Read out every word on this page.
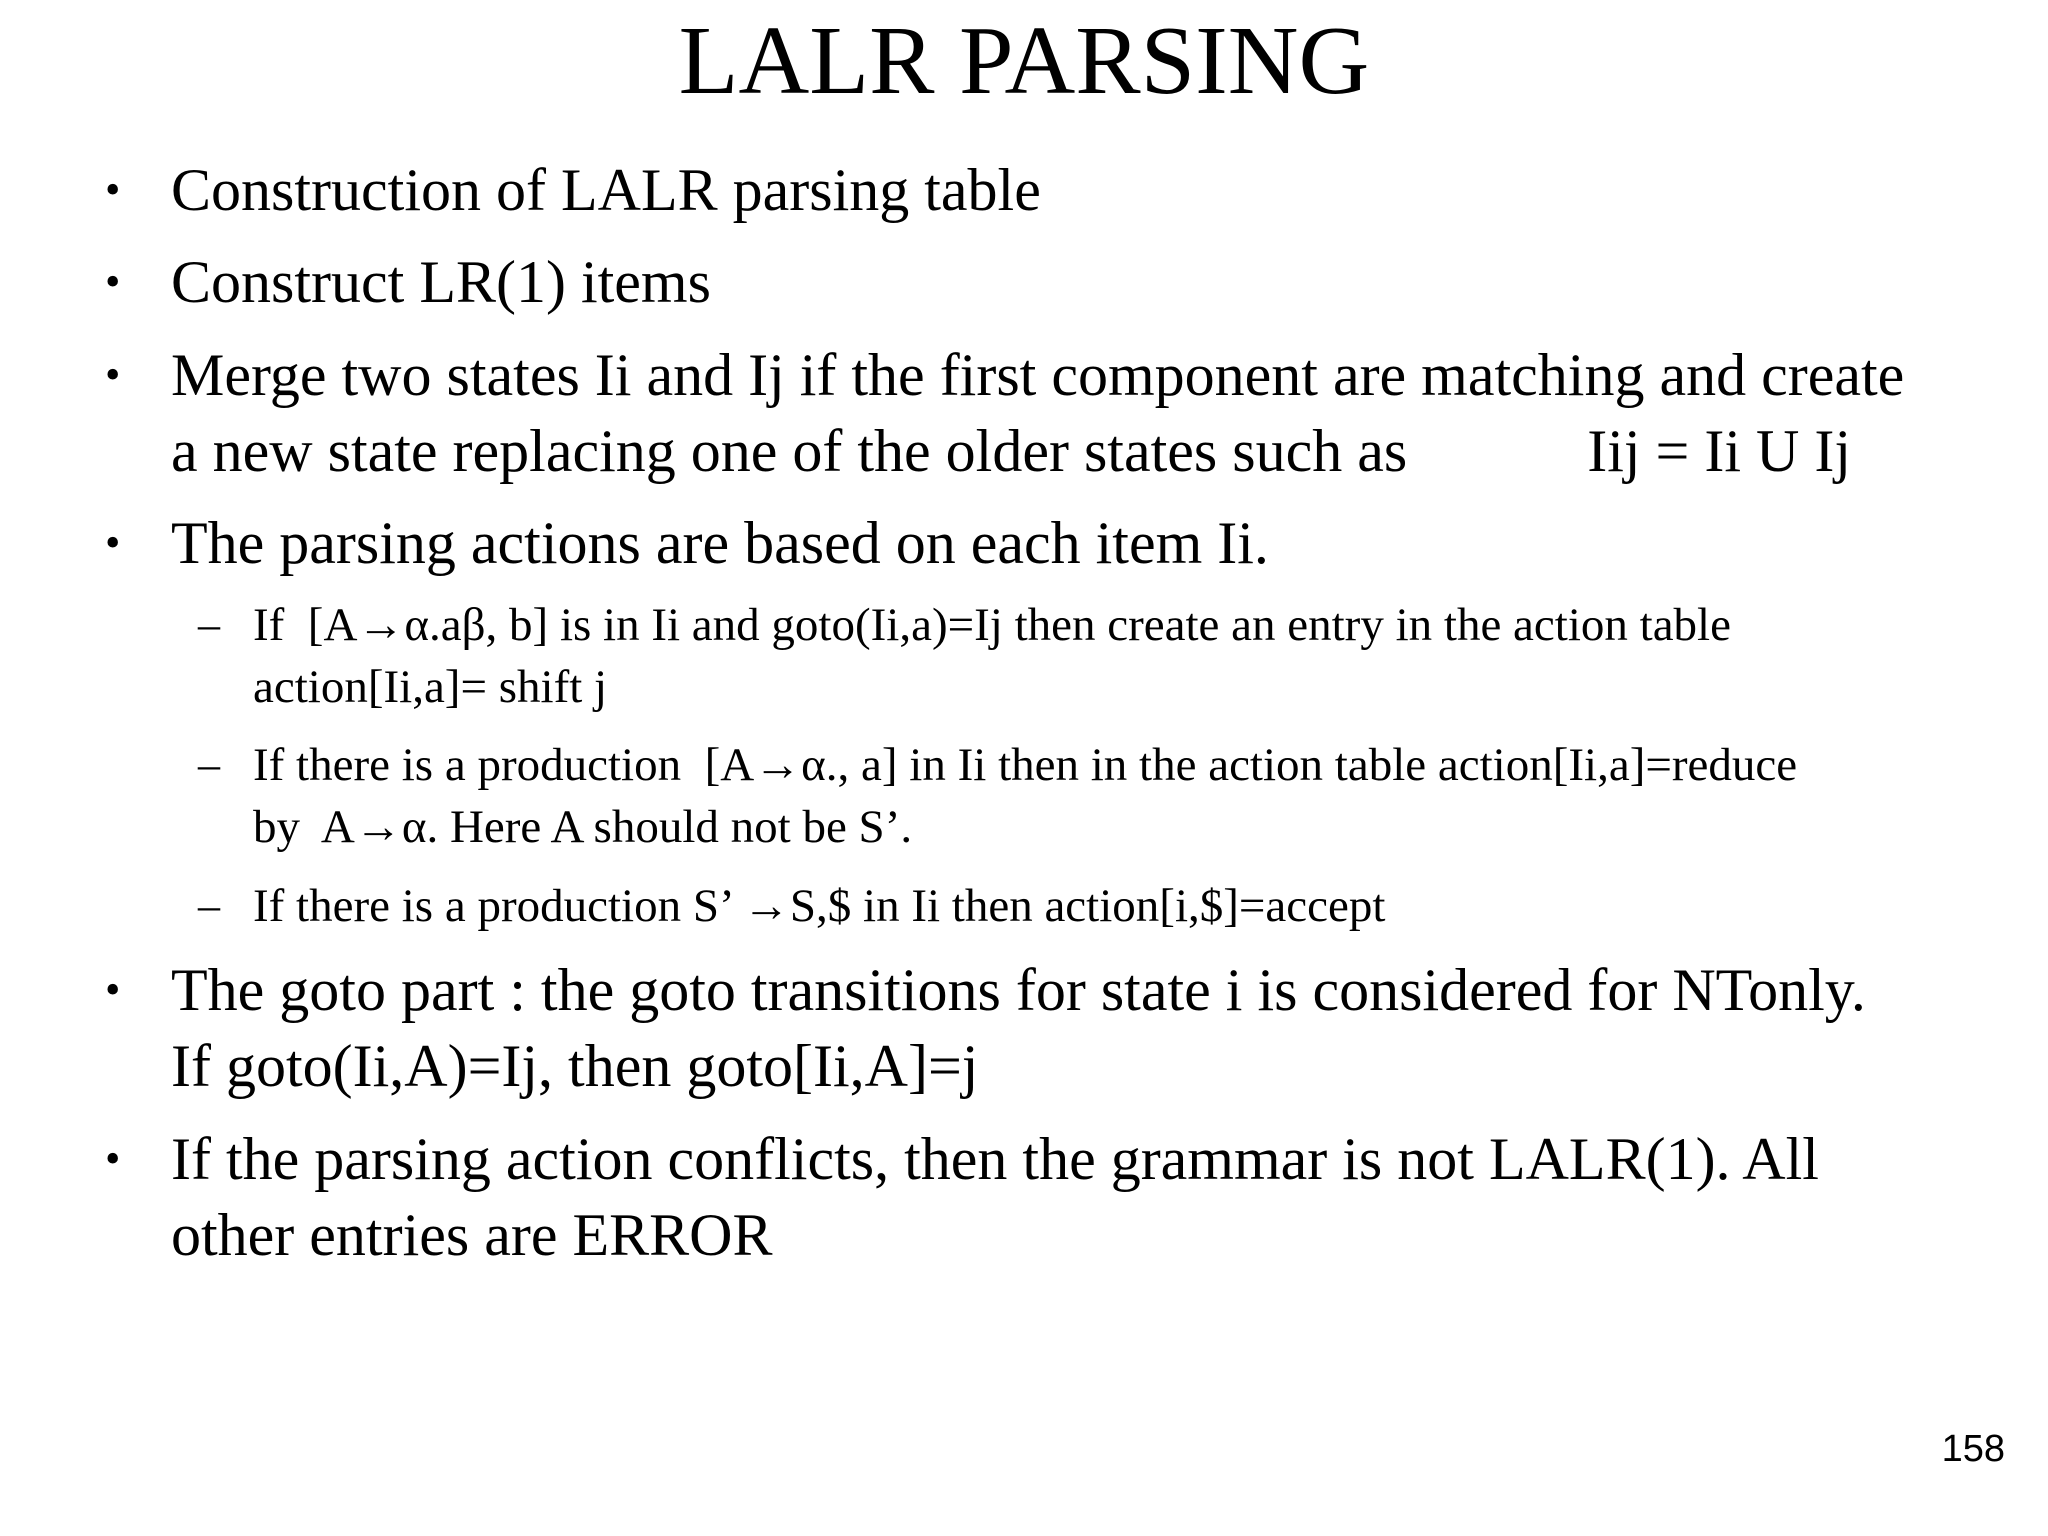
LALR PARSING
• Construction of LALR parsing table
• Construct LR(1) items
• Merge two states Ii and Ij if the first component are matching and create
a new state replacing one of the older states such as            Iij = Ii U Ij
• The parsing actions are based on each item Ii.
– If  [A→α.aβ, b] is in Ii and goto(Ii,a)=Ij then create an entry in the action table
action[Ii,a]= shift j
– If there is a production  [A→α., a] in Ii then in the action table action[Ii,a]=reduce
by  A→α. Here A should not be S’.
– If there is a production S’ →S,$ in Ii then action[i,$]=accept
• The goto part : the goto transitions for state i is considered for NTonly.
If goto(Ii,A)=Ij, then goto[Ii,A]=j
• If the parsing action conflicts, then the grammar is not LALR(1). All
other entries are ERROR
158
